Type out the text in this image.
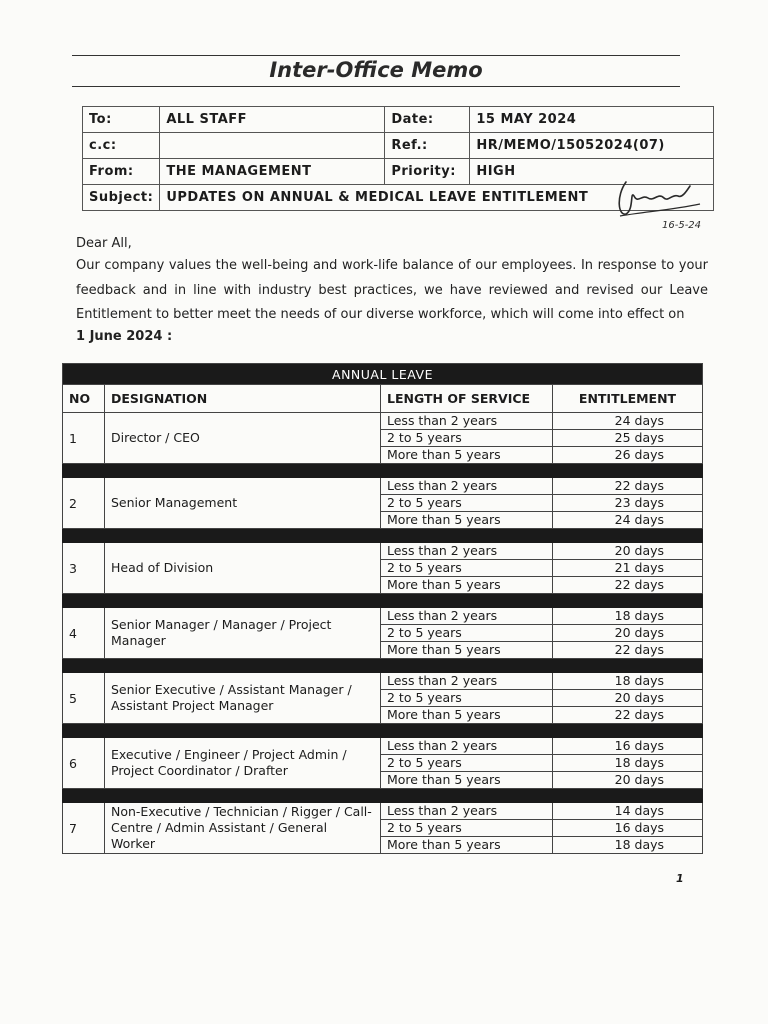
Inter-Office Memo
To:	ALL STAFF	Date:	15 MAY 2024
c.c:		Ref.:	HR/MEMO/15052024(07)
From:	THE MANAGEMENT	Priority:	HIGH
Subject:	UPDATES ON ANNUAL & MEDICAL LEAVE ENTITLEMENT		
16-5-24
Dear All,
Our company values the well-being and work-life balance of our employees. In response to your feedback and in line with industry best practices, we have reviewed and revised our Leave Entitlement to better meet the needs of our diverse workforce, which will come into effect on
1 June 2024 :
ANNUAL LEAVE			
NO	DESIGNATION	LENGTH OF SERVICE	ENTITLEMENT
1	Director / CEO	Less than 2 years	24 days
		2 to 5 years	25 days
		More than 5 years	26 days

2	Senior Management	Less than 2 years	22 days
		2 to 5 years	23 days
		More than 5 years	24 days

3	Head of Division	Less than 2 years	20 days
		2 to 5 years	21 days
		More than 5 years	22 days

4	Senior Manager / Manager / Project Manager	Less than 2 years	18 days
		2 to 5 years	20 days
		More than 5 years	22 days

5	Senior Executive / Assistant Manager / Assistant Project Manager	Less than 2 years	18 days
		2 to 5 years	20 days
		More than 5 years	22 days

6	Executive / Engineer / Project Admin / Project Coordinator / Drafter	Less than 2 years	16 days
		2 to 5 years	18 days
		More than 5 years	20 days

7	Non-Executive / Technician / Rigger / Call-Centre / Admin Assistant / General Worker	Less than 2 years	14 days
		2 to 5 years	16 days
		More than 5 years	18 days
1
